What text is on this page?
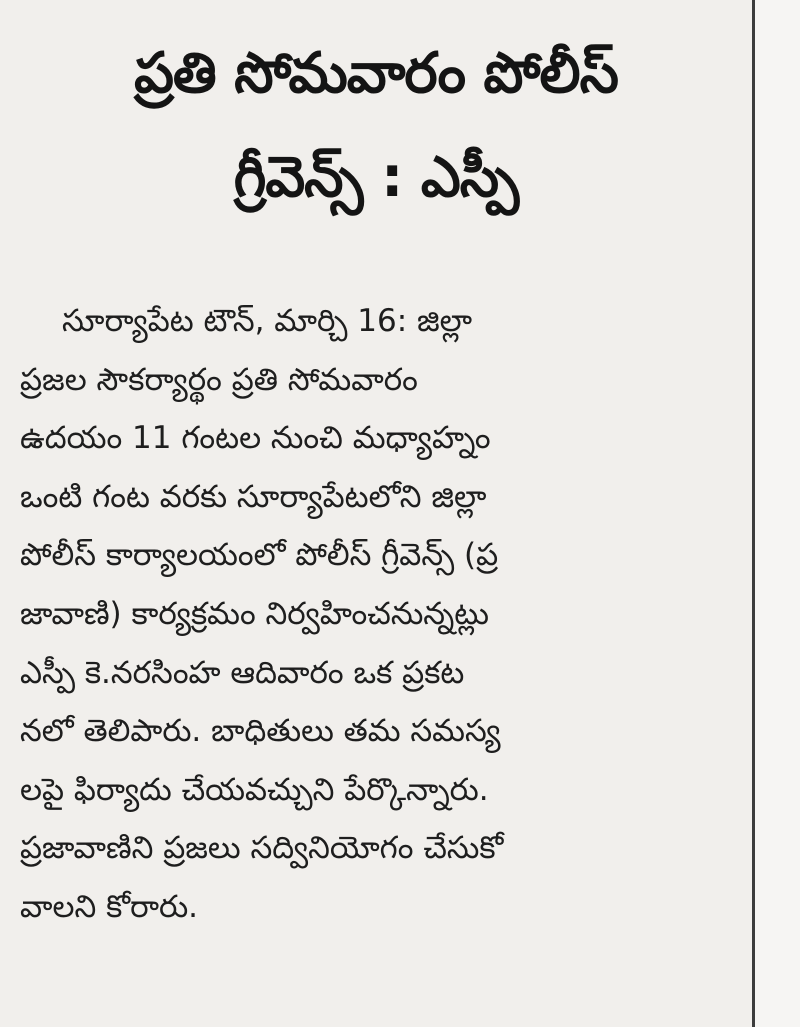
ప్రతి సోమవారం పోలీస్
గ్రీవెన్స్ : ఎస్పీ
సూర్యాపేట టౌన్, మార్చి 16: జిల్లా
ప్రజల సౌకర్యార్థం ప్రతి సోమవారం
ఉదయం 11 గంటల నుంచి మధ్యాహ్నం
ఒంటి గంట వరకు సూర్యాపేటలోని జిల్లా
పోలీస్ కార్యాలయంలో పోలీస్ గ్రీవెన్స్ (ప్ర
జావాణి) కార్యక్రమం నిర్వహించనున్నట్లు
ఎస్పీ కె.నరసింహ ఆదివారం ఒక ప్రకట
నలో తెలిపారు. బాధితులు తమ సమస్య
లపై ఫిర్యాదు చేయవచ్చుని పేర్కొన్నారు.
ప్రజావాణిని ప్రజలు సద్వినియోగం చేసుకో
వాలని కోరారు.
